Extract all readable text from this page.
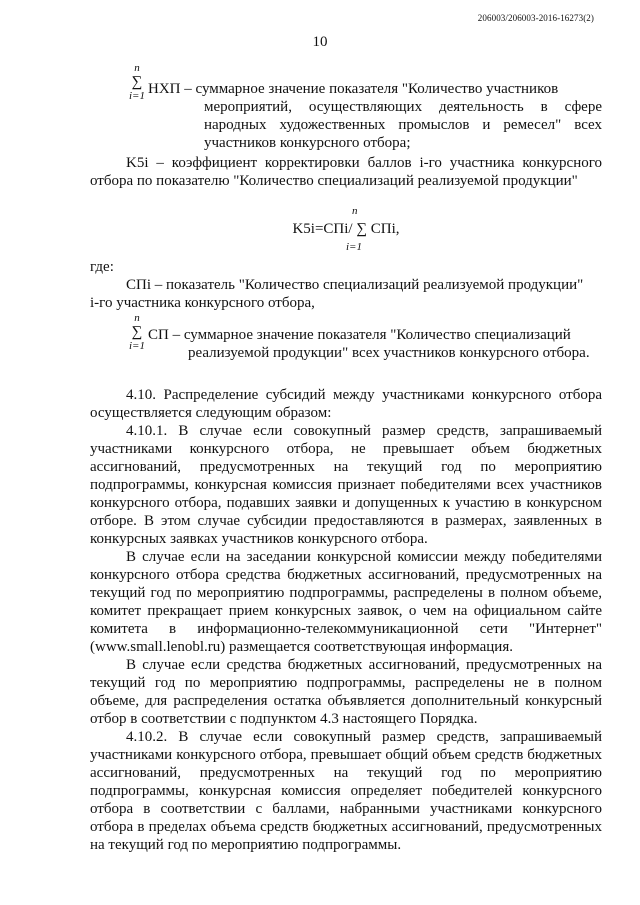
206003/206003-2016-16273(2)
10
n
∑
i=1 НХП – суммарное значение показателя "Количество участников
мероприятий, осуществляющих деятельность в сфере
народных художественных промыслов и ремесел" всех
участников конкурсного отбора;

K5i – коэффициент корректировки баллов i-го участника конкурсного отбора по показателю "Количество специализаций реализуемой продукции"

n
K5i=СПi/ ∑ СПi,
i=1

где:

СПi – показатель "Количество специализаций реализуемой продукции"

i-го участника конкурсного отбора,

n
∑
i=1
СП – суммарное значение показателя "Количество специализаций
реализуемой продукции" всех участников конкурсного отбора.

4.10. Распределение субсидий между участниками конкурсного отбора осуществляется следующим образом:

4.10.1. В случае если совокупный размер средств, запрашиваемый участниками конкурсного отбора, не превышает объем бюджетных ассигнований, предусмотренных на текущий год по мероприятию подпрограммы, конкурсная комиссия признает победителями всех участников конкурсного отбора, подавших заявки и допущенных к участию в конкурсном отборе. В этом случае субсидии предоставляются в размерах, заявленных в конкурсных заявках участников конкурсного отбора.

В случае если на заседании конкурсной комиссии между победителями конкурсного отбора средства бюджетных ассигнований, предусмотренных на текущий год по мероприятию подпрограммы, распределены в полном объеме, комитет прекращает прием конкурсных заявок, о чем на официальном сайте комитета в информационно-телекоммуникационной сети "Интернет" (www.small.lenobl.ru) размещается соответствующая информация.

В случае если средства бюджетных ассигнований, предусмотренных на текущий год по мероприятию подпрограммы, распределены не в полном объеме, для распределения остатка объявляется дополнительный конкурсный отбор в соответствии с подпунктом 4.3 настоящего Порядка.

4.10.2. В случае если совокупный размер средств, запрашиваемый участниками конкурсного отбора, превышает общий объем средств бюджетных ассигнований, предусмотренных на текущий год по мероприятию подпрограммы, конкурсная комиссия определяет победителей конкурсного отбора в соответствии с баллами, набранными участниками конкурсного отбора в пределах объема средств бюджетных ассигнований, предусмотренных на текущий год по мероприятию подпрограммы.
